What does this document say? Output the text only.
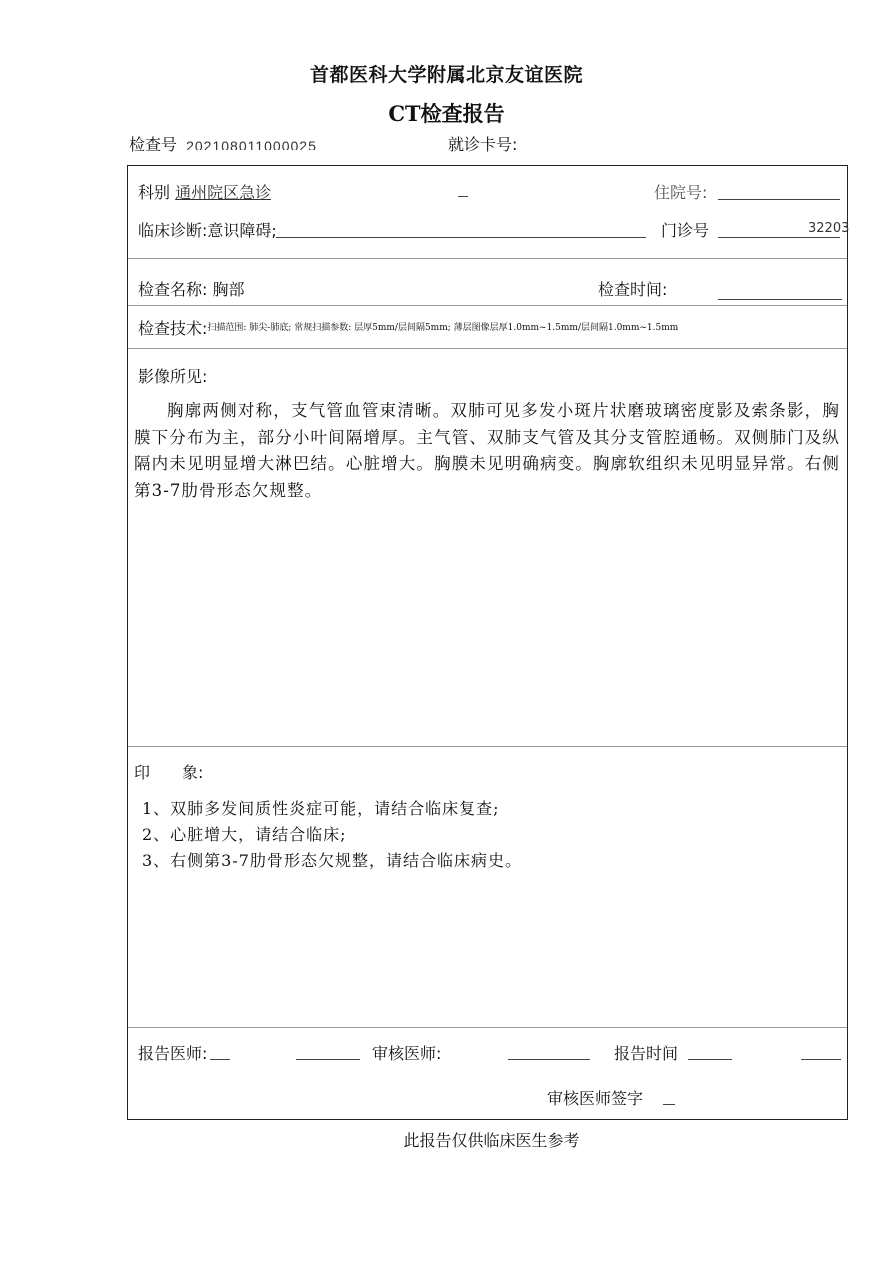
首都医科大学附属北京友谊医院
CT检查报告
检查号 202108011000025	就诊卡号:
科别 通州院区急诊	住院号:
临床诊断:意识障碍;	门诊号	32203
检查名称: 胸部	检查时间:
检查技术:$^{扫描范围: 肺尖-肺底; 常规扫描参数: 层厚5mm/层间隔5mm; 薄层图像层厚1.0mm\sim 1.5mm/层间隔1.0mm\sim 1.5mm}$
影像所见:
胸廓两侧对称，支气管血管束清晰。双肺可见多发小斑片状磨玻璃密度影及索条影，胸膜下分布为主，部分小叶间隔增厚。主气管、双肺支气管及其分支管腔通畅。双侧肺门及纵隔内未见明显增大淋巴结。心脏增大。胸膜未见明确病变。胸廓软组织未见明显异常。右侧第3-7肋骨形态欠规整。
印 象:
1、双肺多发间质性炎症可能，请结合临床复查;
2、心脏增大，请结合临床;
3、右侧第3-7肋骨形态欠规整，请结合临床病史。
报告医师:	审核医师:	报告时间
审核医师签字
此报告仅供临床医生参考
